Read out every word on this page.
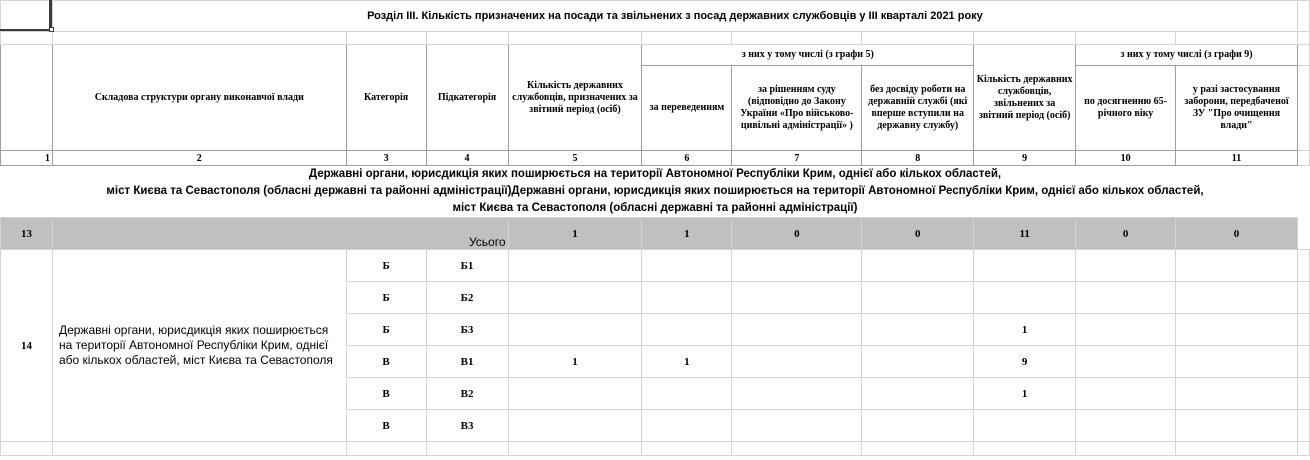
	Розділ ІІІ. Кількість призначених на посади та звільнених з посад державних службовців у ІІІ кварталі 2021 року										

	Складова структури органу виконавчої влади	Категорія	Підкатегорія	Кількість державних службовців, призначених за звітний період (осіб)	з них у тому числі (з графи 5)			Кількість державних службовців, звільнених за звітний період (осіб)	з них у тому числі (з графи 9)		
					за переведенням	за рішенням суду (відповідно до Закону України «Про військово-цивільні адміністрації» )	без досвіду роботи на державній службі (які вперше вступили на державну службу)		по досягненню 65-річного віку	у разі застосування заборони, передбаченої ЗУ "Про очищення влади"	
1	2	3	4	5	6	7	8	9	10	11	

Державні органи, юрисдикція яких поширюється на території Автономної Республіки Крим, однієї або кількох областей,
міст Києва та Севастополя (обласні державні та районні адміністрації)Державні органи, юрисдикція яких поширюється на території Автономної Республіки Крим, однієї або кількох областей,
міст Києва та Севастополя (обласні державні та районні адміністрації)											

13	Усього			1	1	0	0	11	0	0	
14	Державні органи, юрисдикція яких поширюється на території Автономної Республіки Крим, однієї або кількох областей, міст Києва та Севастополя	Б	Б1								
		Б	Б2								
		Б	Б3					1			
		В	В1	1	1			9			
		В	В2					1			
		В	В3								
